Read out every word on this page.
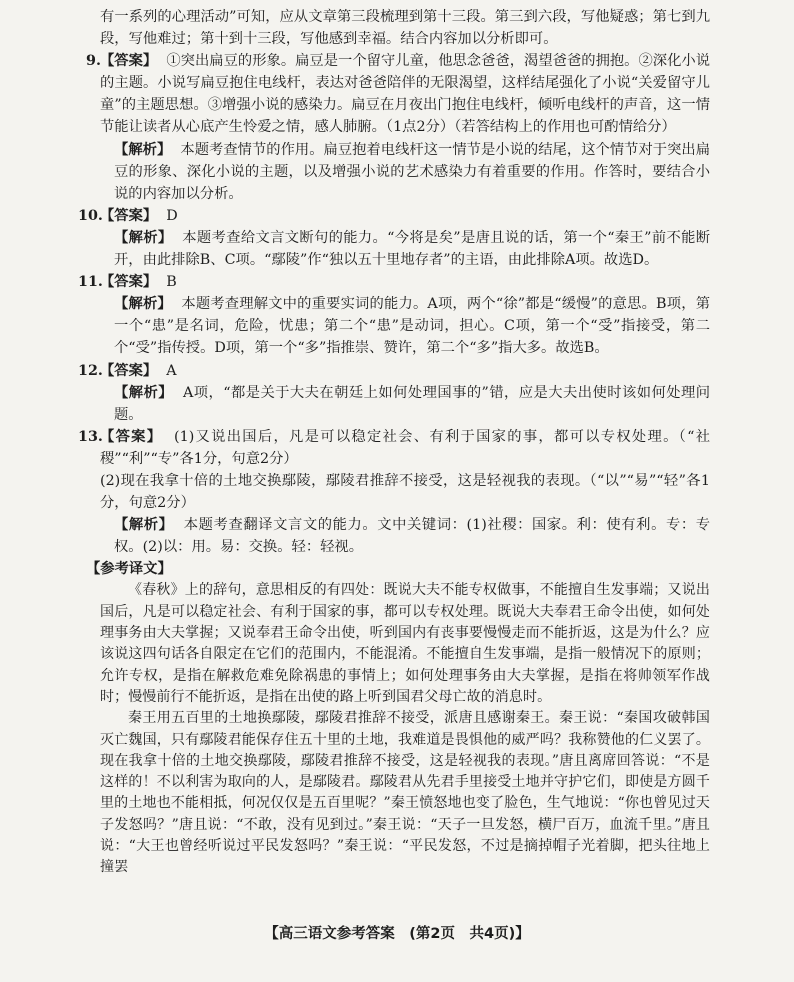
有一系列的心理活动”可知，应从文章第三段梳理到第十三段。第三到六段，写他疑惑；第七到九段，写他难过；第十到十三段，写他感到幸福。结合内容加以分析即可。

9. 【答案】 ①突出扁豆的形象。扁豆是一个留守儿童，他思念爸爸，渴望爸爸的拥抱。②深化小说的主题。小说写扁豆抱住电线杆，表达对爸爸陪伴的无限渴望，这样结尾强化了小说“关爱留守儿童”的主题思想。③增强小说的感染力。扁豆在月夜出门抱住电线杆，倾听电线杆的声音，这一情节能让读者从心底产生怜爱之情，感人肺腑。（1点2分）（若答结构上的作用也可酌情给分）

【解析】 本题考查情节的作用。扁豆抱着电线杆这一情节是小说的结尾，这个情节对于突出扁豆的形象、深化小说的主题，以及增强小说的艺术感染力有着重要的作用。作答时，要结合小说的内容加以分析。

10.

【答案】 D

【解析】 本题考查给文言文断句的能力。“今将是矣”是唐且说的话，第一个“秦王”前不能断开，由此排除B、C项。“鄢陵”作“独以五十里地存者”的主语，由此排除A项。故选D。

11.

【答案】 B

【解析】 本题考查理解文中的重要实词的能力。A项，两个“徐”都是“缓慢”的意思。B项，第一个“患”是名词，危险，忧患；第二个“患”是动词，担心。C项，第一个“受”指接受，第二个“受”指传授。D项，第一个“多”指推崇、赞许，第二个“多”指大多。故选B。

12.

【答案】 A

【解析】 A项，“都是关于大夫在朝廷上如何处理国事的”错，应是大夫出使时该如何处理问题。

13.

【答案】 (1)又说出国后，凡是可以稳定社会、有利于国家的事，都可以专权处理。（“社稷”“利”“专”各1分，句意2分）

(2)现在我拿十倍的土地交换鄢陵，鄢陵君推辞不接受，这是轻视我的表现。（“以”“易”“轻”各1分，句意2分）

【解析】 本题考查翻译文言文的能力。文中关键词：(1)社稷：国家。利：使有利。专：专权。(2)以：用。易：交换。轻：轻视。

【参考译文】

《春秋》上的辞句，意思相反的有四处：既说大夫不能专权做事，不能擅自生发事端；又说出国后，凡是可以稳定社会、有利于国家的事，都可以专权处理。既说大夫奉君王命令出使，如何处理事务由大夫掌握；又说奉君王命令出使，听到国内有丧事要慢慢走而不能折返，这是为什么？应该说这四句话各自限定在它们的范围内，不能混淆。不能擅自生发事端，是指一般情况下的原则；允许专权，是指在解救危难免除祸患的事情上；如何处理事务由大夫掌握，是指在将帅领军作战时；慢慢前行不能折返，是指在出使的路上听到国君父母亡故的消息时。

秦王用五百里的土地换鄢陵，鄢陵君推辞不接受，派唐且感谢秦王。秦王说：“秦国攻破韩国灭亡魏国，只有鄢陵君能保存住五十里的土地，我难道是畏惧他的威严吗？我称赞他的仁义罢了。现在我拿十倍的土地交换鄢陵，鄢陵君推辞不接受，这是轻视我的表现。”唐且离席回答说：“不是这样的！不以利害为取向的人，是鄢陵君。鄢陵君从先君手里接受土地并守护它们，即使是方圆千里的土地也不能相抵，何况仅仅是五百里呢？”秦王愤怒地也变了脸色，生气地说：“你也曾见过天子发怒吗？”唐且说：“不敢，没有见到过。”秦王说：“天子一旦发怒，横尸百万，血流千里。”唐且说：“大王也曾经听说过平民发怒吗？”秦王说：“平民发怒，不过是摘掉帽子光着脚，把头往地上撞罢

【高三语文参考答案　(第2页　共4页)】
